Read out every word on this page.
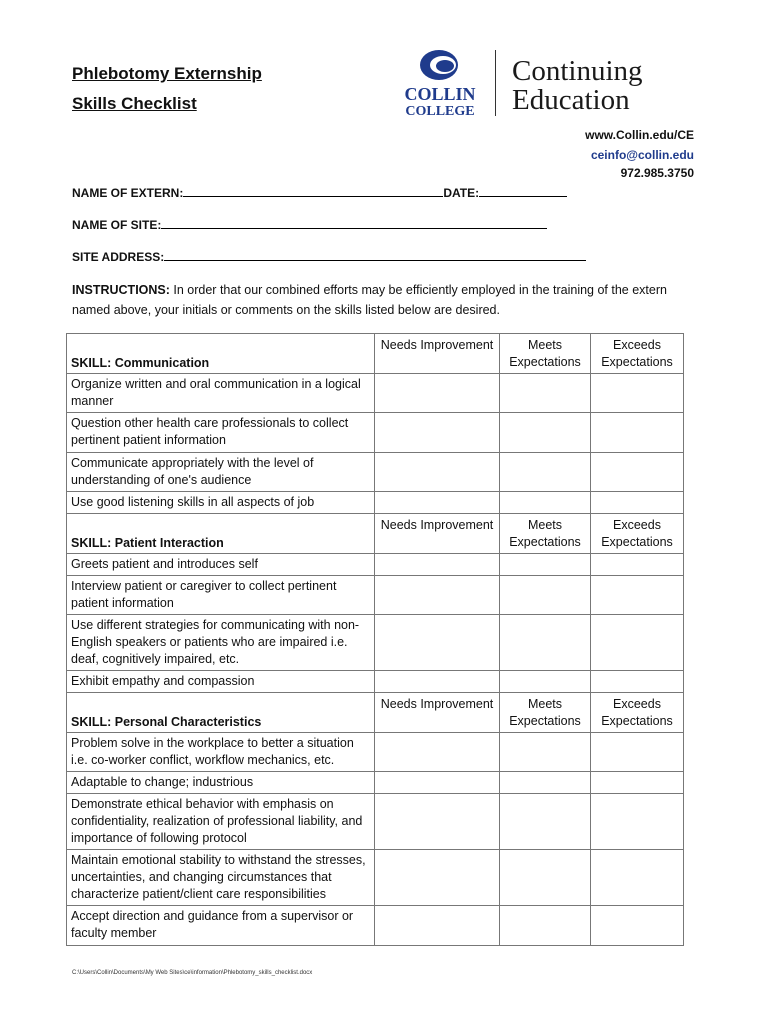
Phlebotomy Externship
Skills Checklist	COLLIN
COLLEGE
Continuing
Education
www.Collin.edu/CE
ceinfo@collin.edu
972.985.3750
NAME OF EXTERN:	DATE:
NAME OF SITE:
SITE ADDRESS:
INSTRUCTIONS: In order that our combined efforts may be efficiently employed in the training of the extern named above, your initials or comments on the skills listed below are desired.
SKILL: Communication	Needs Improvement	Meets Expectations	Exceeds Expectations
Organize written and oral communication in a logical manner			
Question other health care professionals to collect pertinent patient information			
Communicate appropriately with the level of understanding of one's audience			
Use good listening skills in all aspects of job			
SKILL: Patient Interaction	Needs Improvement	Meets Expectations	Exceeds Expectations
Greets patient and introduces self			
Interview patient or caregiver to collect pertinent patient information			
Use different strategies for communicating with non-English speakers or patients who are impaired i.e. deaf, cognitively impaired, etc.			
Exhibit empathy and compassion			
SKILL: Personal Characteristics	Needs Improvement	Meets Expectations	Exceeds Expectations
Problem solve in the workplace to better a situation i.e. co-worker conflict, workflow mechanics, etc.			
Adaptable to change; industrious			
Demonstrate ethical behavior with emphasis on confidentiality, realization of professional liability, and importance of following protocol			
Maintain emotional stability to withstand the stresses, uncertainties, and changing circumstances that characterize patient/client care responsibilities			
Accept direction and guidance from a supervisor or faculty member			
C:\Users\Collin\Documents\My Web Sites\ce\information\Phlebotomy_skills_checklist.docx
